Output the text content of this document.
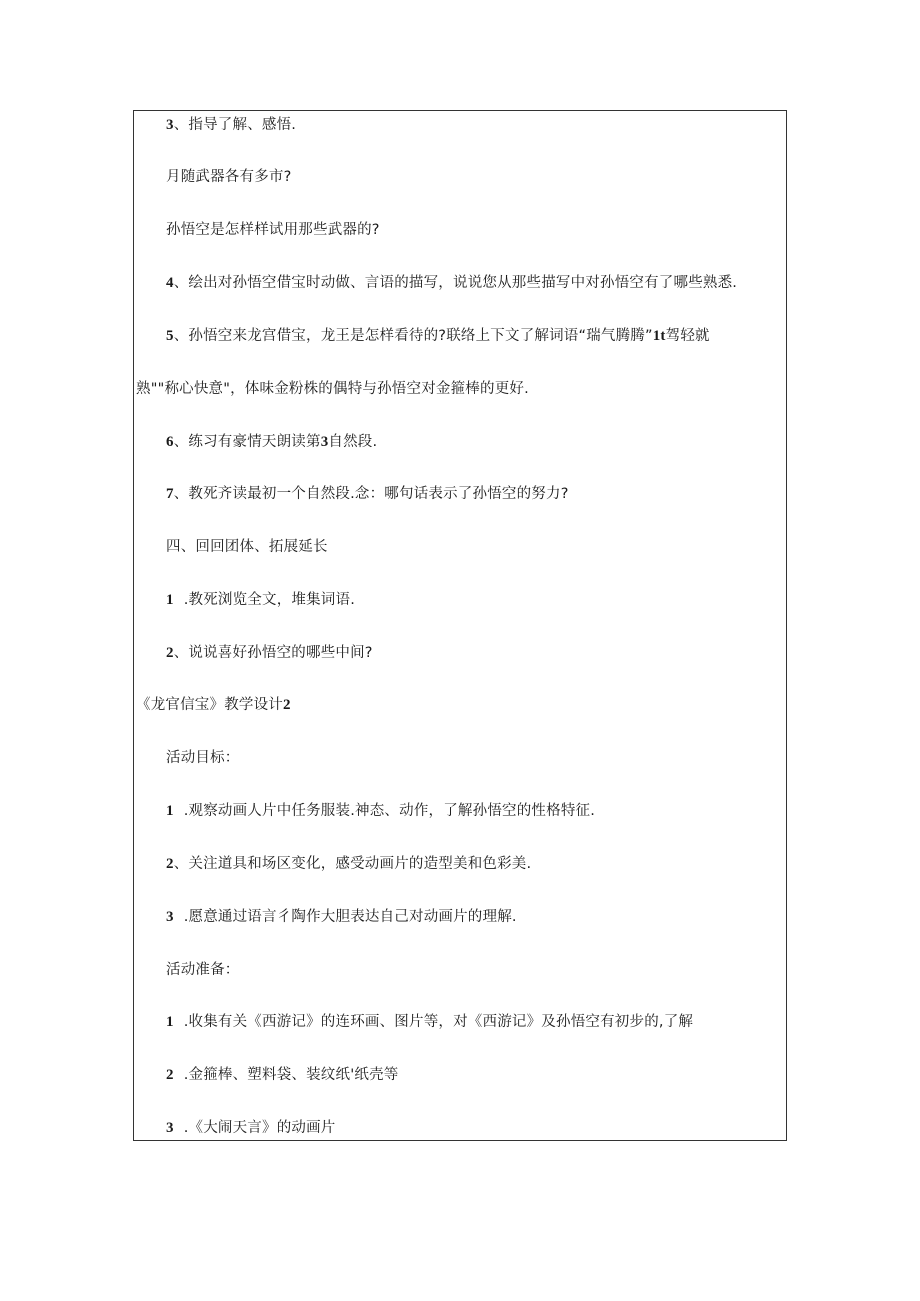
3、指导了解、感悟.
月随武器各有多市?
孙悟空是怎样样试用那些武器的?
4、绘出对孙悟空借宝时动做、言语的描写，说说您从那些描写中对孙悟空有了哪些熟悉.
5、孙悟空来龙宫借宝，龙王是怎样看待的?联络上下文了解词语“瑞气腾腾”1t驾轻就
熟""称心快意"，体味金粉株的偶特与孙悟空对金箍棒的更好.
6、练习有豪情天朗读第3自然段.
7、教死齐读最初一个自然段.念：哪句话表示了孙悟空的努力?
四、回回团体、拓展延长
1 .教死浏览全文，堆集词语.
2、说说喜好孙悟空的哪些中间?
《龙官信宝》教学设计2
活动目标：
1 .观察动画人片中任务服装.神态、动作，了解孙悟空的性格特征.
2、关注道具和场区变化，感受动画片的造型美和色彩美.
3 .愿意通过语言彳陶作大胆表达自己对动画片的理解.
活动准备：
1 .收集有关《西游记》的连环画、图片等，对《西游记》及孙悟空有初步的,了解
2 .金箍棒、塑料袋、装纹纸'纸壳等
3 .《大闹天言》的动画片
